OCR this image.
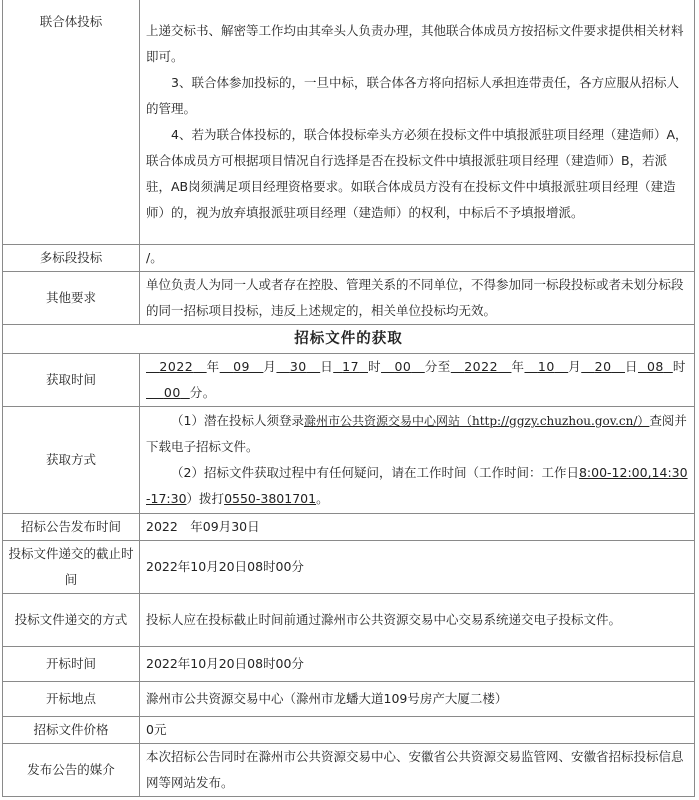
联合体投标	上递交标书、解密等工作均由其牵头人负责办理，其他联合体成员方按招标文件要求提供相关材料即可。

3、联合体参加投标的，一旦中标，联合体各方将向招标人承担连带责任，各方应服从招标人的管理。

4、若为联合体投标的，联合体投标牵头方必须在投标文件中填报派驻项目经理（建造师）A，联合体成员方可根据项目情况自行选择是否在投标文件中填报派驻项目经理（建造师）B，若派驻，AB岗须满足项目经理资格要求。如联合体成员方没有在投标文件中填报派驻项目经理（建造师）的，视为放弃填报派驻项目经理（建造师）的权利，中标后不予填报增派。

多标段投标	/。
其他要求	单位负责人为同一人或者存在控股、管理关系的不同单位，不得参加同一标段投标或者未划分标段的同一招标项目投标，违反上述规定的，相关单位投标均无效。
招标文件的获取	
获取时间	2022 年 09 月 30 日 17 时 00 分至 2022 年 10 月 20 日 08 时
00 分。
获取方式	（1）潜在投标人须登录滁州市公共资源交易中心网站（http://ggzy.chuzhou.gov.cn/）查阅并下载电子招标文件。

（2）招标文件获取过程中有任何疑问，请在工作时间（工作时间：工作日8:00-12:00,14:30-17:30）拨打0550-3801701。

招标公告发布时间	2022　年09月30日
投标文件递交的截止时间	2022年10月20日08时00分
投标文件递交的方式	投标人应在投标截止时间前通过滁州市公共资源交易中心交易系统递交电子投标文件。
开标时间	2022年10月20日08时00分
开标地点	滁州市公共资源交易中心（滁州市龙蟠大道109号房产大厦二楼）
招标文件价格	0元
发布公告的媒介	本次招标公告同时在滁州市公共资源交易中心、安徽省公共资源交易监管网、安徽省招标投标信息网等网站发布。
